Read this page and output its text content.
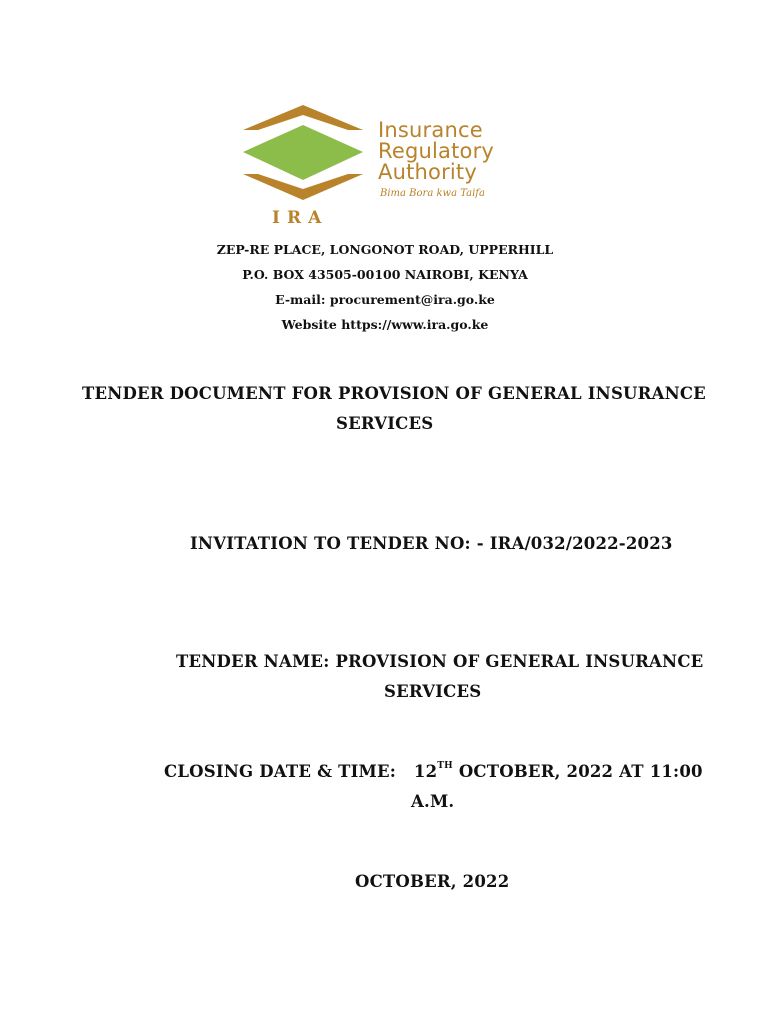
Insurance
Regulatory
Authority
Bima Bora kwa Taifa
IRA
ZEP-RE PLACE, LONGONOT ROAD, UPPERHILL
P.O. BOX 43505-00100 NAIROBI, KENYA
E-mail: procurement@ira.go.ke
Website https://www.ira.go.ke
TENDER DOCUMENT FOR PROVISION OF GENERAL INSURANCE
SERVICES
INVITATION TO TENDER NO: - IRA/032/2022-2023
TENDER NAME: PROVISION OF GENERAL INSURANCE
SERVICES
CLOSING DATE & TIME: 12TH OCTOBER, 2022 AT 11:00
A.M.
OCTOBER, 2022
